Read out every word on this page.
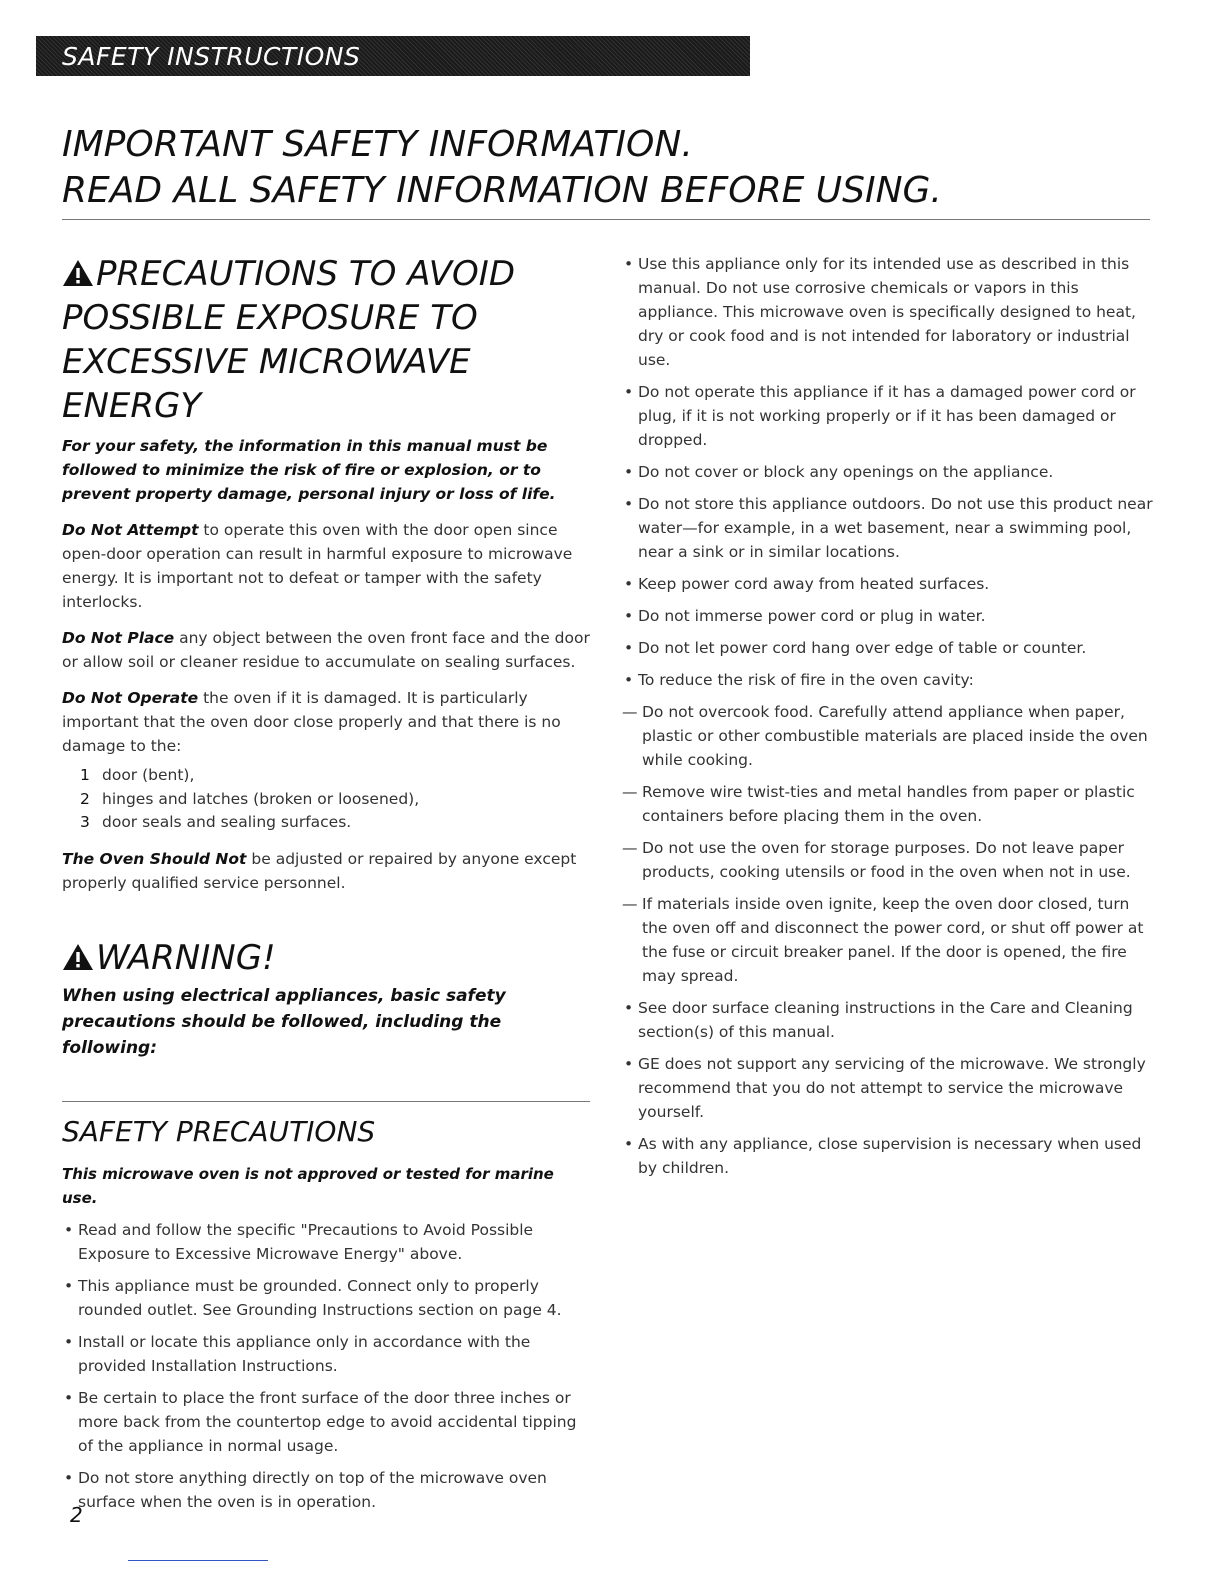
SAFETY INSTRUCTIONS
IMPORTANT SAFETY INFORMATION.
READ ALL SAFETY INFORMATION BEFORE USING.
PRECAUTIONS TO AVOID
POSSIBLE EXPOSURE TO
EXCESSIVE MICROWAVE
ENERGY

For your safety, the information in this manual must be followed to minimize the risk of fire or explosion, or to prevent property damage, personal injury or loss of life.

Do Not Attempt to operate this oven with the door open since open-door operation can result in harmful exposure to microwave energy. It is important not to defeat or tamper with the safety interlocks.

Do Not Place any object between the oven front face and the door or allow soil or cleaner residue to accumulate on sealing surfaces.

Do Not Operate the oven if it is damaged. It is particularly important that the oven door close properly and that there is no damage to the:

1 door (bent),
2 hinges and latches (broken or loosened),
3 door seals and sealing surfaces.

The Oven Should Not be adjusted or repaired by anyone except properly qualified service personnel.

WARNING!

When using electrical appliances, basic safety precautions should be followed, including the following:

SAFETY PRECAUTIONS

This microwave oven is not approved or tested for marine use.

• Read and follow the specific "Precautions to Avoid Possible Exposure to Excessive Microwave Energy" above.
• This appliance must be grounded. Connect only to properly rounded outlet. See Grounding Instructions section on page 4.
• Install or locate this appliance only in accordance with the provided Installation Instructions.
• Be certain to place the front surface of the door three inches or more back from the countertop edge to avoid accidental tipping of the appliance in normal usage.
• Do not store anything directly on top of the microwave oven surface when the oven is in operation.
• Use this appliance only for its intended use as described in this manual. Do not use corrosive chemicals or vapors in this appliance. This microwave oven is specifically designed to heat, dry or cook food and is not intended for laboratory or industrial use.
• Do not operate this appliance if it has a damaged power cord or plug, if it is not working properly or if it has been damaged or dropped.
• Do not cover or block any openings on the appliance.
• Do not store this appliance outdoors. Do not use this product near water—for example, in a wet basement, near a swimming pool, near a sink or in similar locations.
• Keep power cord away from heated surfaces.
• Do not immerse power cord or plug in water.
• Do not let power cord hang over edge of table or counter.
• To reduce the risk of fire in the oven cavity:
— Do not overcook food. Carefully attend appliance when paper, plastic or other combustible materials are placed inside the oven while cooking.
— Remove wire twist-ties and metal handles from paper or plastic containers before placing them in the oven.
— Do not use the oven for storage purposes. Do not leave paper products, cooking utensils or food in the oven when not in use.
— If materials inside oven ignite, keep the oven door closed, turn the oven off and disconnect the power cord, or shut off power at the fuse or circuit breaker panel. If the door is opened, the fire may spread.
• See door surface cleaning instructions in the Care and Cleaning section(s) of this manual.
• GE does not support any servicing of the microwave. We strongly recommend that you do not attempt to service the microwave yourself.
• As with any appliance, close supervision is necessary when used by children.
2
